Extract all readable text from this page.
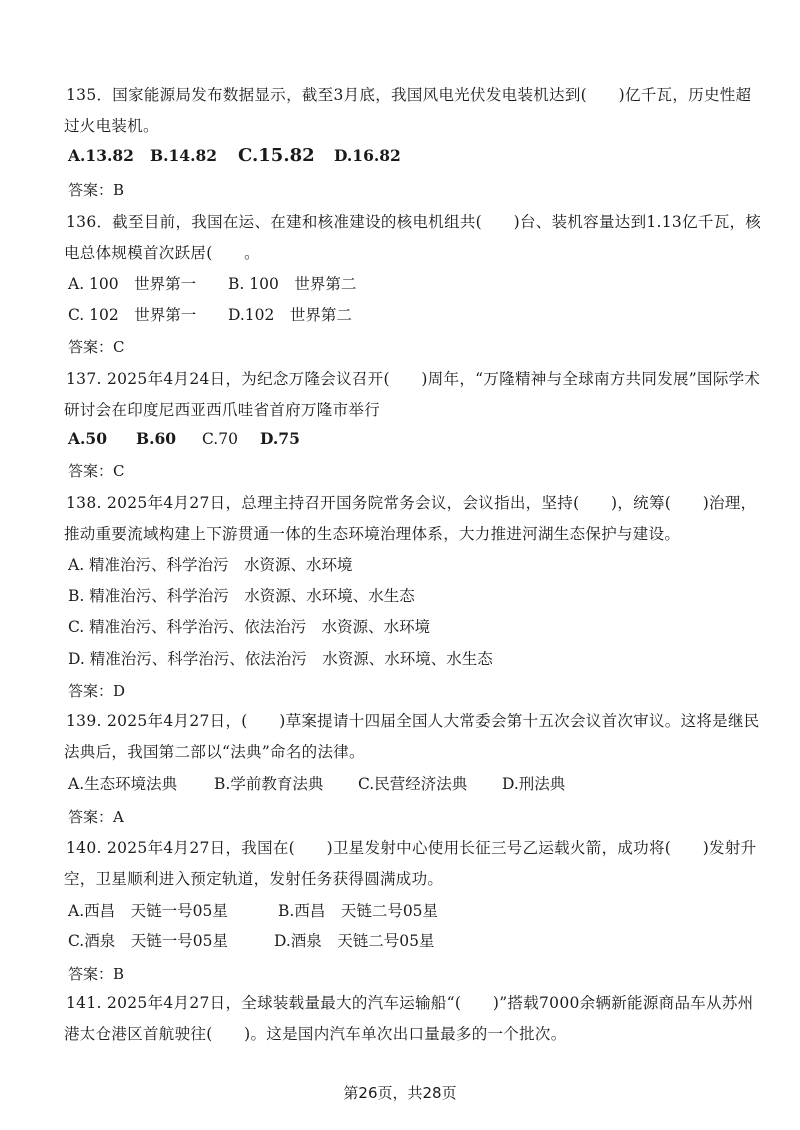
135．国家能源局发布数据显示，截至3月底，我国风电光伏发电装机达到(　　)亿千瓦，历史性超过火电装机。

A.13.82 B.14.82 C.15.82 D.16.82
答案：B

136．截至目前，我国在运、在建和核准建设的核电机组共(　　)台、装机容量达到1.13亿千瓦，核电总体规模首次跃居(　　。

A. 100　世界第一 B. 100　世界第二
C. 102　世界第一 D.102　世界第二
答案：C

137. 2025年4月24日，为纪念万隆会议召开(　　)周年，“万隆精神与全球南方共同发展”国际学术研讨会在印度尼西亚西爪哇省首府万隆市举行

A.50 B.60 C.70 D.75
答案：C

138. 2025年4月27日，总理主持召开国务院常务会议，会议指出，坚持(　　)，统筹(　　)治理，推动重要流域构建上下游贯通一体的生态环境治理体系，大力推进河湖生态保护与建设。

A. 精准治污、科学治污　水资源、水环境
B. 精准治污、科学治污　水资源、水环境、水生态
C. 精准治污、科学治污、依法治污　水资源、水环境
D. 精准治污、科学治污、依法治污　水资源、水环境、水生态
答案：D

139. 2025年4月27日，(　　)草案提请十四届全国人大常委会第十五次会议首次审议。这将是继民法典后，我国第二部以“法典”命名的法律。

A.生态环境法典 B.学前教育法典 C.民营经济法典 D.刑法典
答案：A

140. 2025年4月27日，我国在(　　)卫星发射中心使用长征三号乙运载火箭，成功将(　　)发射升空，卫星顺利进入预定轨道，发射任务获得圆满成功。

A.西昌　天链一号05星	B.西昌　天链二号05星
C.酒泉　天链一号05星	D.酒泉　天链二号05星
答案：B

141. 2025年4月27日，全球装载量最大的汽车运输船“(　　)”搭载7000余辆新能源商品车从苏州港太仓港区首航驶往(　　)。这是国内汽车单次出口量最多的一个批次。

第26页，共28页
